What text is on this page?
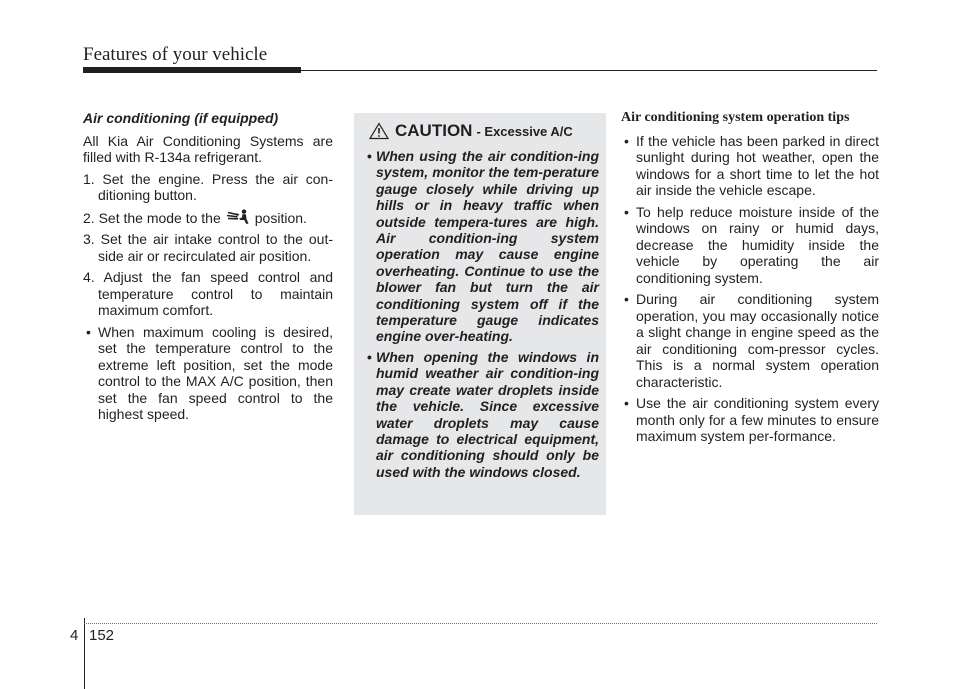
Features of your vehicle

Air conditioning (if equipped)

All Kia Air Conditioning Systems are filled with R-134a refrigerant.

1. Set the engine. Press the air con-ditioning button.

2. Set the mode to the position.

3. Set the air intake control to the out-side air or recirculated air position.

4. Adjust the fan speed control and temperature control to maintain maximum comfort.

• When maximum cooling is desired, set the temperature control to the extreme left position, set the mode control to the MAX A/C position, then set the fan speed control to the highest speed.

CAUTION - Excessive A/C

• When using the air condition-ing system, monitor the tem-perature gauge closely while driving up hills or in heavy traffic when outside tempera-tures are high. Air condition-ing system operation may cause engine overheating. Continue to use the blower fan but turn the air conditioning system off if the temperature gauge indicates engine over-heating.

• When opening the windows in humid weather air condition-ing may create water droplets inside the vehicle. Since excessive water droplets may cause damage to electrical equipment, air conditioning should only be used with the windows closed.

Air conditioning system operation tips

• If the vehicle has been parked in direct sunlight during hot weather, open the windows for a short time to let the hot air inside the vehicle escape.

• To help reduce moisture inside of the windows on rainy or humid days, decrease the humidity inside the vehicle by operating the air conditioning system.

• During air conditioning system operation, you may occasionally notice a slight change in engine speed as the air conditioning com-pressor cycles. This is a normal system operation characteristic.

• Use the air conditioning system every month only for a few minutes to ensure maximum system per-formance.

4 152
